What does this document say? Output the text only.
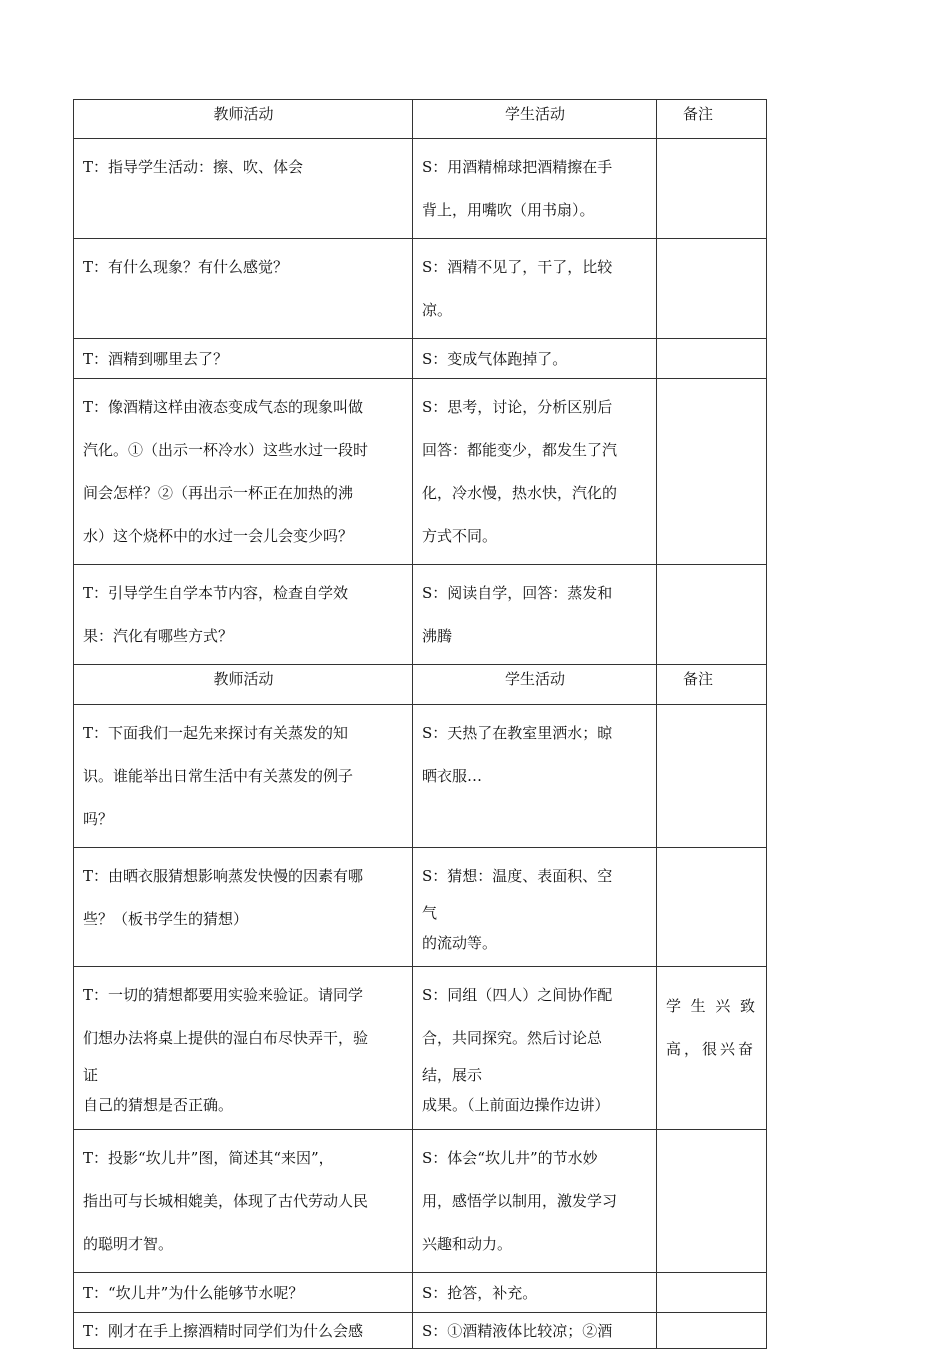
教师活动	学生活动	备注

T：指导学生活动：擦、吹、体会	S：用酒精棉球把酒精擦在手
背上，用嘴吹（用书扇）。	

T：有什么现象？有什么感觉？	S：酒精不见了，干了，比较
凉。	

T：酒精到哪里去了？	S：变成气体跑掉了。	

T：像酒精这样由液态变成气态的现象叫做
汽化。①（出示一杯冷水）这些水过一段时
间会怎样？②（再出示一杯正在加热的沸
水）这个烧杯中的水过一会儿会变少吗？	S：思考，讨论，分析区别后
回答：都能变少，都发生了汽
化，冷水慢，热水快，汽化的
方式不同。	

T：引导学生自学本节内容，检查自学效
果：汽化有哪些方式？	S：阅读自学，回答：蒸发和
沸腾	

教师活动	学生活动	备注

T：下面我们一起先来探讨有关蒸发的知
识。谁能举出日常生活中有关蒸发的例子
吗？	S：天热了在教室里洒水；晾
晒衣服…	

T：由晒衣服猜想影响蒸发快慢的因素有哪
些？（板书学生的猜想）	S：猜想：温度、表面积、空
气
的流动等。	

T：一切的猜想都要用实验来验证。请同学
们想办法将桌上提供的湿白布尽快弄干，验
证
自己的猜想是否正确。	S：同组（四人）之间协作配
合，共同探究。然后讨论总
结，展示
成果。（上前面边操作边讲）	学生兴致高，很兴奋

T：投影“坎儿井”图，简述其“来因”，
指出可与长城相媲美，体现了古代劳动人民
的聪明才智。	S：体会“坎儿井”的节水妙
用，感悟学以制用，激发学习
兴趣和动力。	

T：“坎儿井”为什么能够节水呢？	S：抢答，补充。	

T：刚才在手上擦酒精时同学们为什么会感	S：①酒精液体比较凉；②酒	
